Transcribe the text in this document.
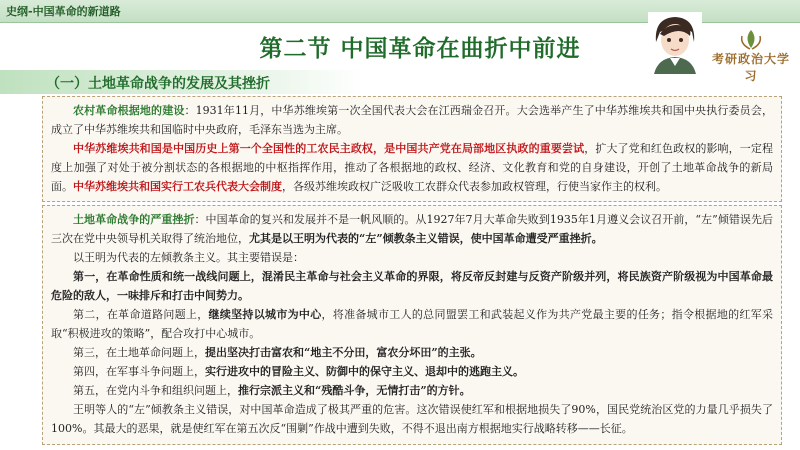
史纲-中国革命的新道路
第二节 中国革命在曲折中前进	考研政治大学习
（一）土地革命战争的发展及其挫折

农村革命根据地的建设：1931年11月，中华苏维埃第一次全国代表大会在江西瑞金召开。大会选举产生了中华苏维埃共和国中央执行委员会，成立了中华苏维埃共和国临时中央政府，毛泽东当选为主席。

中华苏维埃共和国是中国历史上第一个全国性的工农民主政权，是中国共产党在局部地区执政的重要尝试，扩大了党和红色政权的影响，一定程度上加强了对处于被分割状态的各根据地的中枢指挥作用，推动了各根据地的政权、经济、文化教育和党的自身建设，开创了土地革命战争的新局面。中华苏维埃共和国实行工农兵代表大会制度，各级苏维埃政权广泛吸收工农群众代表参加政权管理，行使当家作主的权利。

土地革命战争的严重挫折：中国革命的复兴和发展并不是一帆风顺的。从1927年7月大革命失败到1935年1月遵义会议召开前，“左”倾错误先后三次在党中央领导机关取得了统治地位，尤其是以王明为代表的“左”倾教条主义错误，使中国革命遭受严重挫折。

以王明为代表的左倾教条主义。其主要错误是：

第一，在革命性质和统一战线问题上，混淆民主革命与社会主义革命的界限，将反帝反封建与反资产阶级并列，将民族资产阶级视为中国革命最危险的敌人，一味排斥和打击中间势力。

第二，在革命道路问题上，继续坚持以城市为中心，将准备城市工人的总同盟罢工和武装起义作为共产党最主要的任务；指令根据地的红军采取“积极进攻的策略”，配合攻打中心城市。

第三，在土地革命问题上，提出坚决打击富农和“地主不分田，富农分坏田”的主张。

第四，在军事斗争问题上，实行进攻中的冒险主义、防御中的保守主义、退却中的逃跑主义。

第五，在党内斗争和组织问题上，推行宗派主义和“残酷斗争，无情打击”的方针。

王明等人的“左”倾教条主义错误，对中国革命造成了极其严重的危害。这次错误使红军和根据地损失了90%，国民党统治区党的力量几乎损失了100%。其最大的恶果，就是使红军在第五次反“围剿”作战中遭到失败，不得不退出南方根据地实行战略转移——长征。
